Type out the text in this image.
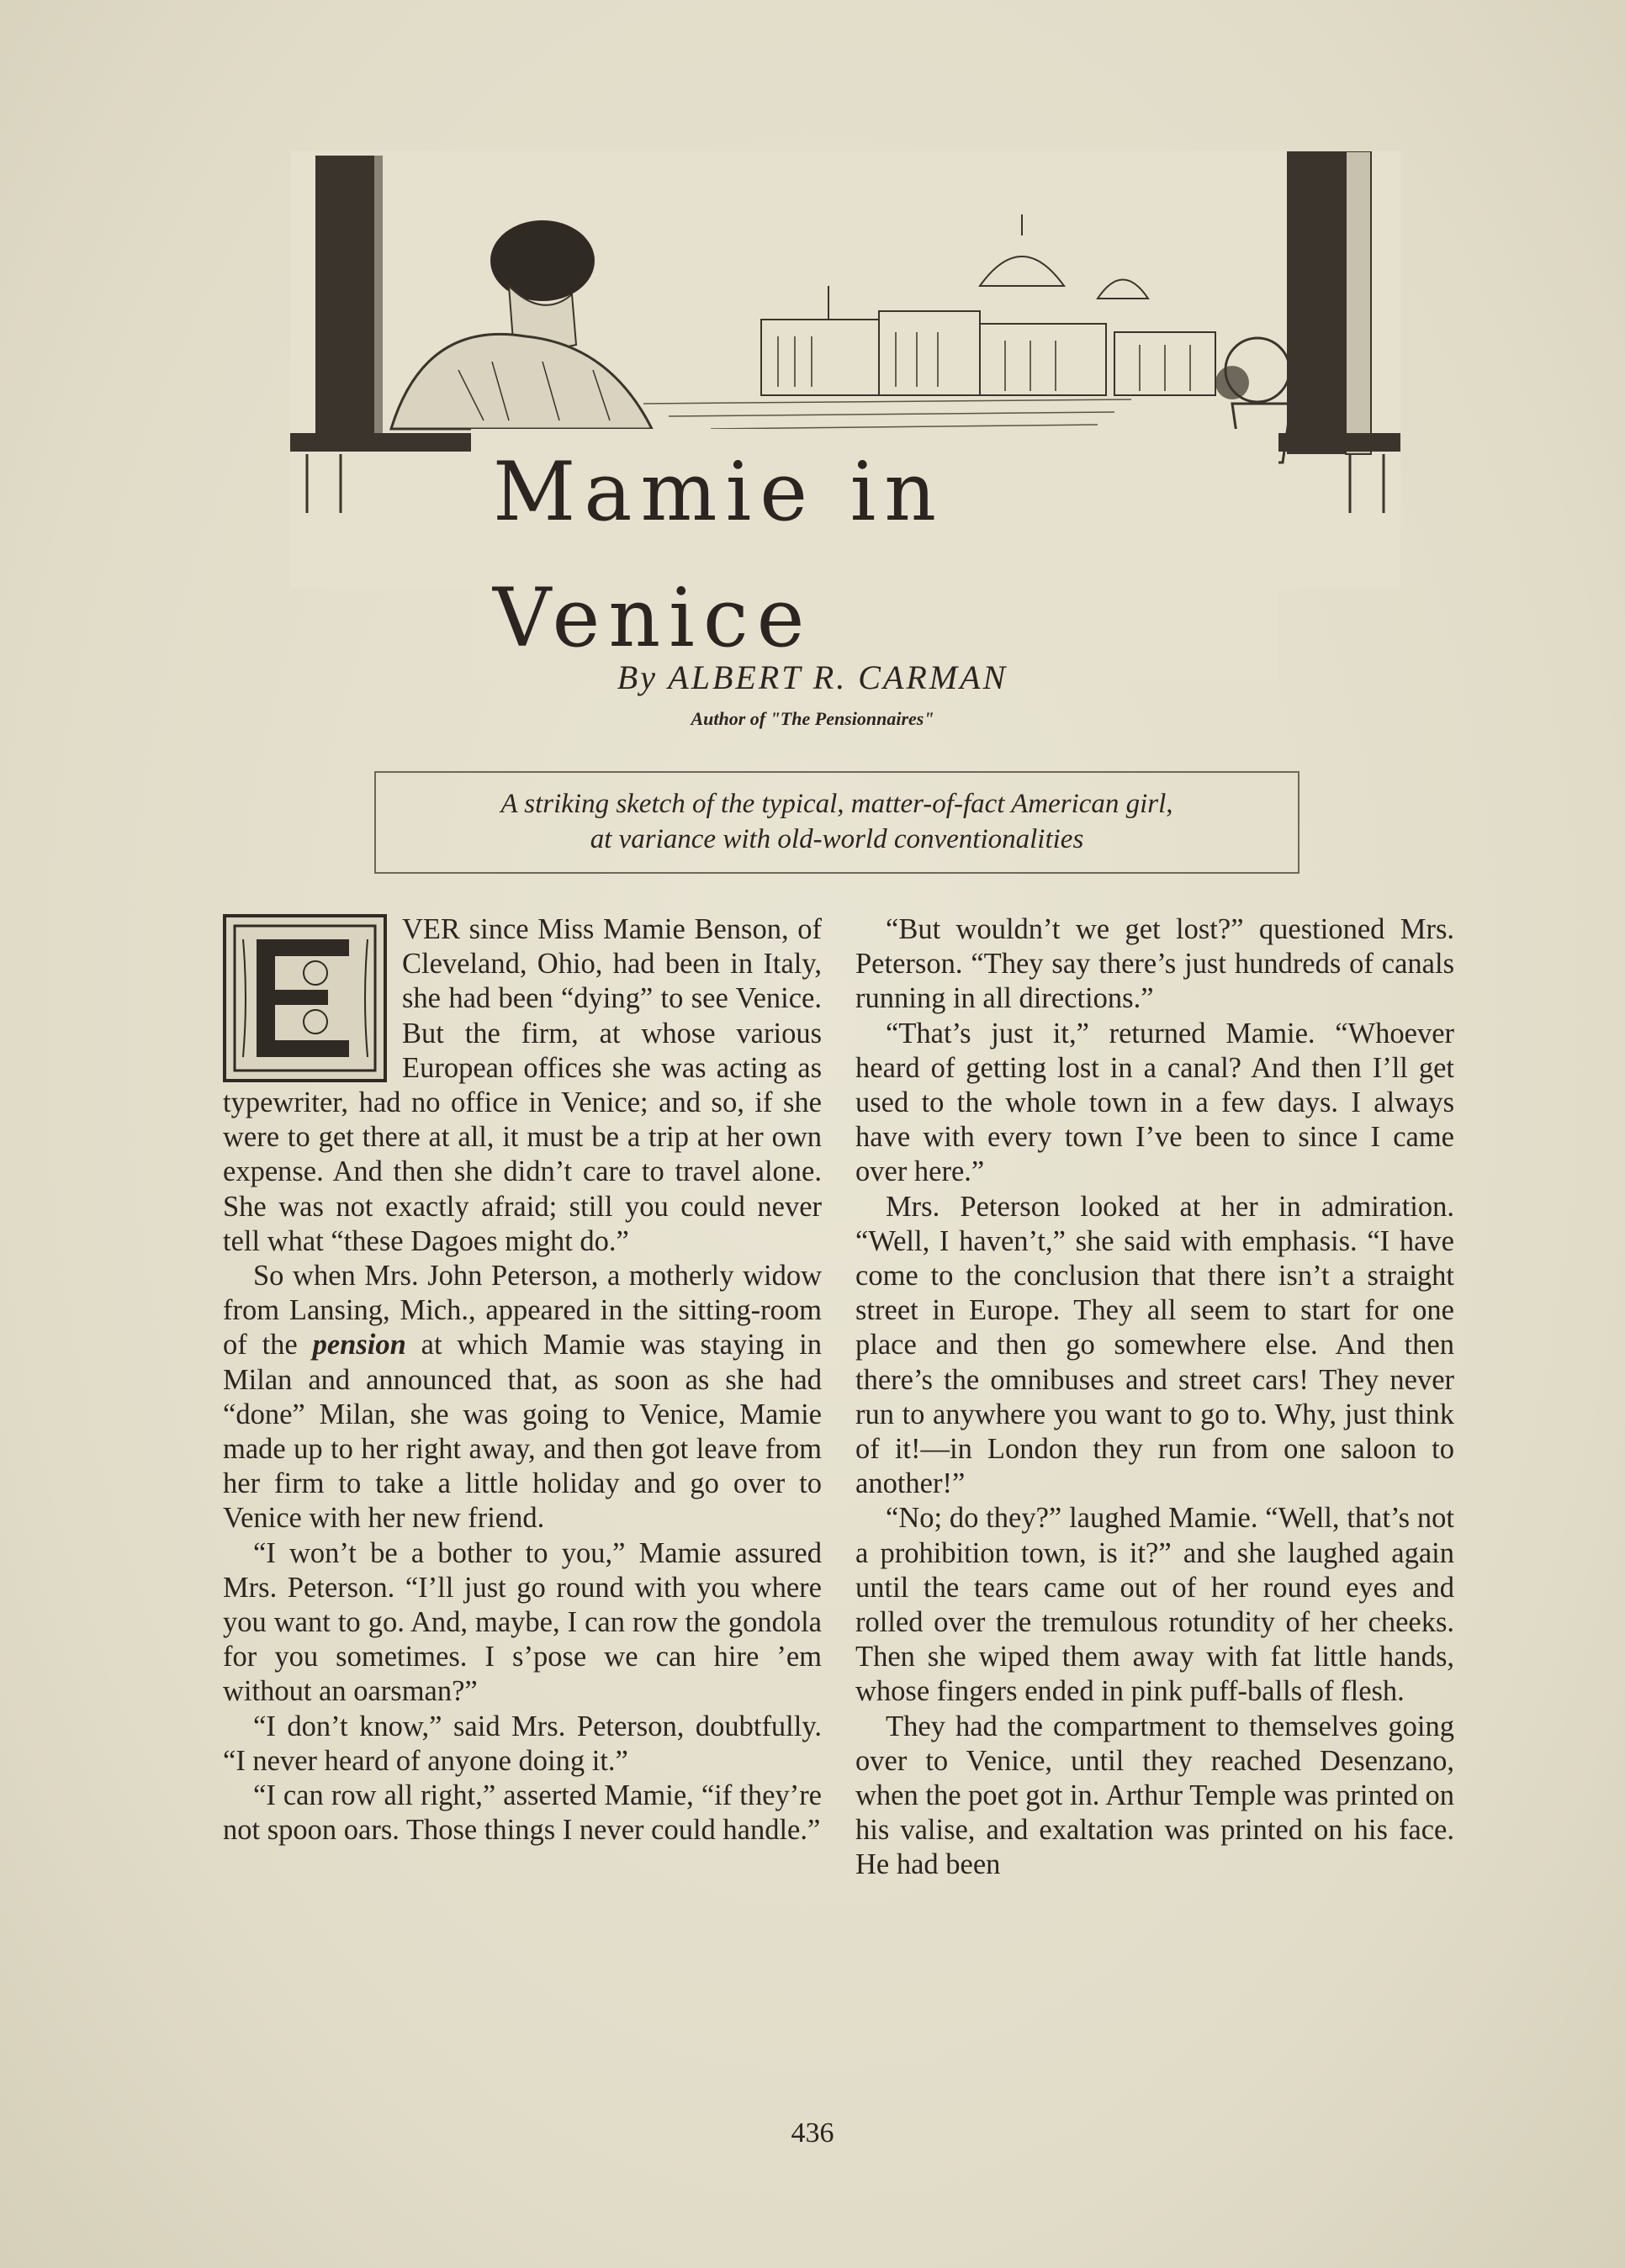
Mamie in Venice
By ALBERT R. CARMAN
Author of "The Pensionnaires"
A striking sketch of the typical, matter-of-fact American girl,
at variance with old-world conventionalities

VER since Miss Mamie Benson, of Cleveland, Ohio, had been in Italy, she had been “dying” to see Venice. But the firm, at whose various European offices she was acting as typewriter, had no office in Venice; and so, if she were to get there at all, it must be a trip at her own expense. And then she didn’t care to travel alone. She was not exactly afraid; still you could never tell what “these Dagoes might do.”

So when Mrs. John Peterson, a motherly widow from Lansing, Mich., appeared in the sitting-room of the pension at which Mamie was staying in Milan and announced that, as soon as she had “done” Milan, she was going to Venice, Mamie made up to her right away, and then got leave from her firm to take a little holiday and go over to Venice with her new friend.

“I won’t be a bother to you,” Mamie assured Mrs. Peterson. “I’ll just go round with you where you want to go. And, maybe, I can row the gondola for you sometimes. I s’pose we can hire ’em without an oarsman?”

“I don’t know,” said Mrs. Peterson, doubtfully. “I never heard of anyone doing it.”

“I can row all right,” asserted Mamie, “if they’re not spoon oars. Those things I never could handle.”

“But wouldn’t we get lost?” questioned Mrs. Peterson. “They say there’s just hundreds of canals running in all directions.”

“That’s just it,” returned Mamie. “Whoever heard of getting lost in a canal? And then I’ll get used to the whole town in a few days. I always have with every town I’ve been to since I came over here.”

Mrs. Peterson looked at her in admiration. “Well, I haven’t,” she said with emphasis. “I have come to the conclusion that there isn’t a straight street in Europe. They all seem to start for one place and then go somewhere else. And then there’s the omnibuses and street cars! They never run to anywhere you want to go to. Why, just think of it!—in London they run from one saloon to another!”

“No; do they?” laughed Mamie. “Well, that’s not a prohibition town, is it?” and she laughed again until the tears came out of her round eyes and rolled over the tremulous rotundity of her cheeks. Then she wiped them away with fat little hands, whose fingers ended in pink puff-balls of flesh.

They had the compartment to themselves going over to Venice, until they reached Desenzano, when the poet got in. Arthur Temple was printed on his valise, and exaltation was printed on his face. He had been

436
